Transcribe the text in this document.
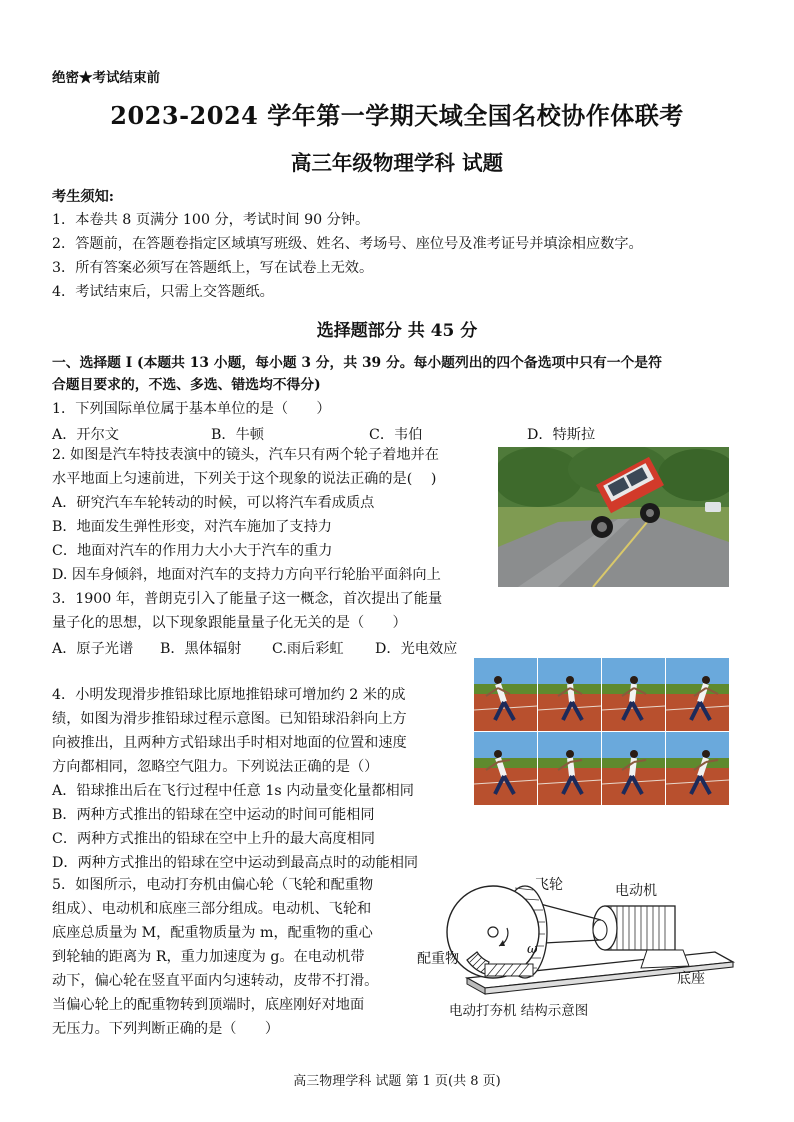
绝密★考试结束前
2023-2024 学年第一学期天域全国名校协作体联考
高三年级物理学科 试题
考生须知:
1．本卷共 8 页满分 100 分，考试时间 90 分钟。
2．答题前，在答题卷指定区域填写班级、姓名、考场号、座位号及准考证号并填涂相应数字。
3．所有答案必须写在答题纸上，写在试卷上无效。
4．考试结束后，只需上交答题纸。
选择题部分 共 45 分
一、选择题 I (本题共 13 小题，每小题 3 分，共 39 分。每小题列出的四个备选项中只有一个是符
合题目要求的，不选、多选、错选均不得分)
1．下列国际单位属于基本单位的是（　　）
A．开尔文	B．牛顿	C．韦伯	D．特斯拉
2. 如图是汽车特技表演中的镜头，汽车只有两个轮子着地并在
水平地面上匀速前进，下列关于这个现象的说法正确的是(　 )
A．研究汽车车轮转动的时候，可以将汽车看成质点
B．地面发生弹性形变，对汽车施加了支持力
C．地面对汽车的作用力大小大于汽车的重力
D. 因车身倾斜，地面对汽车的支持力方向平行轮胎平面斜向上
3．1900 年，普朗克引入了能量子这一概念，首次提出了能量
量子化的思想，以下现象跟能量量子化无关的是（　　）
A．原子光谱 B．黑体辐射 C.雨后彩虹 D．光电效应
4．小明发现滑步推铅球比原地推铅球可增加约 2 米的成
绩，如图为滑步推铅球过程示意图。已知铅球沿斜向上方
向被推出，且两种方式铅球出手时相对地面的位置和速度
方向都相同，忽略空气阻力。下列说法正确的是（）
A．铅球推出后在飞行过程中任意 1s 内动量变化量都相同
B．两种方式推出的铅球在空中运动的时间可能相同
C．两种方式推出的铅球在空中上升的最大高度相同
D．两种方式推出的铅球在空中运动到最高点时的动能相同
5．如图所示，电动打夯机由偏心轮（飞轮和配重物
组成）、电动机和底座三部分组成。电动机、飞轮和
底座总质量为 M，配重物质量为 m，配重物的重心
到轮轴的距离为 R，重力加速度为 g。在电动机带
动下，偏心轮在竖直平面内匀速转动，皮带不打滑。
当偏心轮上的配重物转到顶端时，底座刚好对地面
无压力。下列判断正确的是（　　）
飞轮	电动机
配重物
底座
ω
电动打夯机 结构示意图
高三物理学科 试题 第 1 页(共 8 页)
